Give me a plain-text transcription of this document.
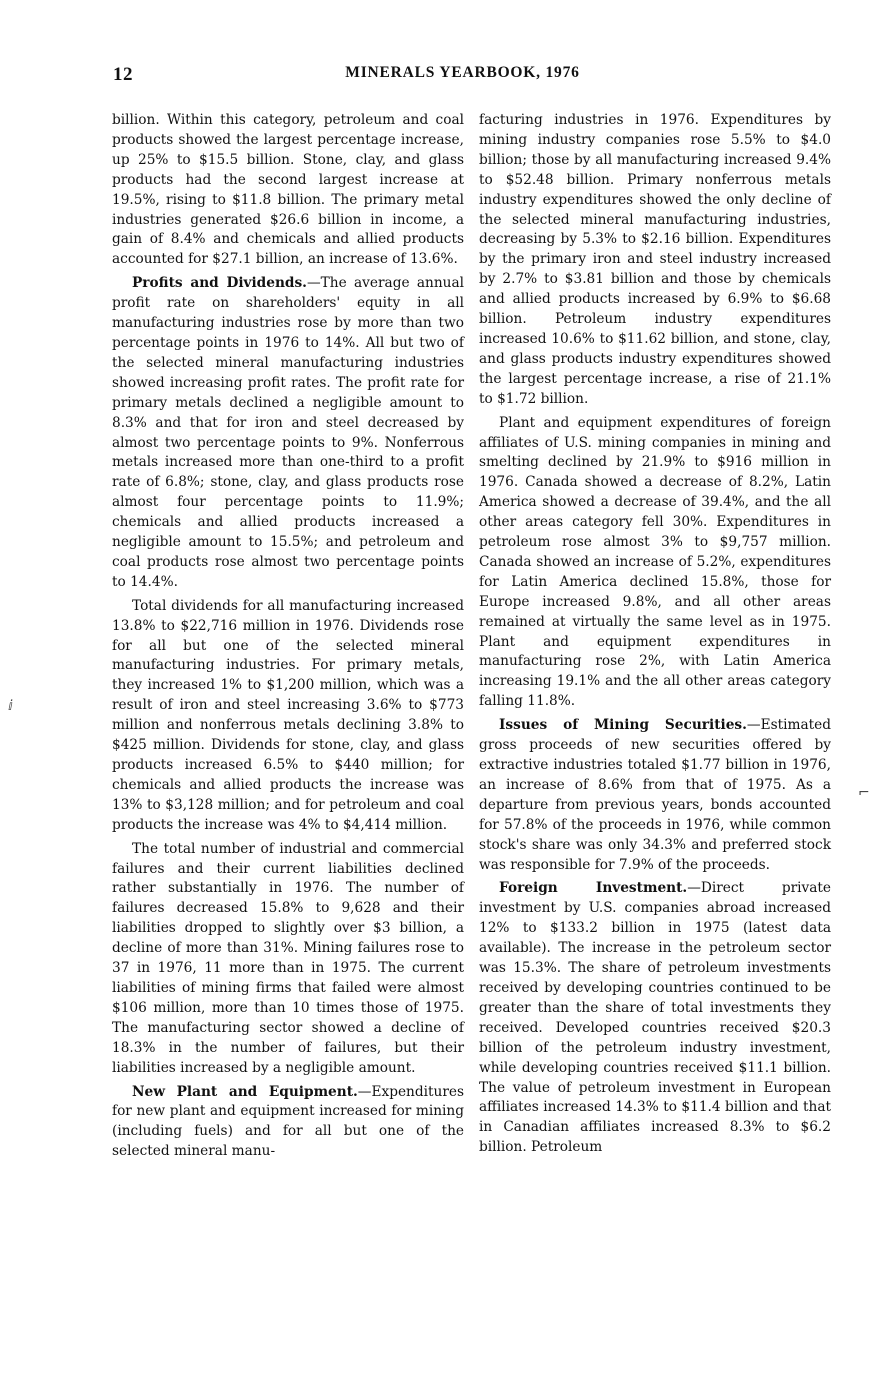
12	MINERALS YEARBOOK, 1976

billion. Within this category, petroleum and coal products showed the largest percentage increase, up 25% to $15.5 billion. Stone, clay, and glass products had the second largest increase at 19.5%, rising to $11.8 billion. The primary metal industries generated $26.6 billion in income, a gain of 8.4% and chemicals and allied products accounted for $27.1 billion, an increase of 13.6%.

Profits and Dividends.—The average annual profit rate on shareholders' equity in all manufacturing industries rose by more than two percentage points in 1976 to 14%. All but two of the selected mineral manufacturing industries showed increasing profit rates. The profit rate for primary metals declined a negligible amount to 8.3% and that for iron and steel decreased by almost two percentage points to 9%. Nonferrous metals increased more than one-third to a profit rate of 6.8%; stone, clay, and glass products rose almost four percentage points to 11.9%; chemicals and allied products increased a negligible amount to 15.5%; and petroleum and coal products rose almost two percentage points to 14.4%.

Total dividends for all manufacturing increased 13.8% to $22,716 million in 1976. Dividends rose for all but one of the selected mineral manufacturing industries. For primary metals, they increased 1% to $1,200 million, which was a result of iron and steel increasing 3.6% to $773 million and nonferrous metals declining 3.8% to $425 million. Dividends for stone, clay, and glass products increased 6.5% to $440 million; for chemicals and allied products the increase was 13% to $3,128 million; and for petroleum and coal products the increase was 4% to $4,414 million.

The total number of industrial and commercial failures and their current liabilities declined rather substantially in 1976. The number of failures decreased 15.8% to 9,628 and their liabilities dropped to slightly over $3 billion, a decline of more than 31%. Mining failures rose to 37 in 1976, 11 more than in 1975. The current liabilities of mining firms that failed were almost $106 million, more than 10 times those of 1975. The manufacturing sector showed a decline of 18.3% in the number of failures, but their liabilities increased by a negligible amount.

New Plant and Equipment.—Expenditures for new plant and equipment increased for mining (including fuels) and for all but one of the selected mineral manu-

facturing industries in 1976. Expenditures by mining industry companies rose 5.5% to $4.0 billion; those by all manufacturing increased 9.4% to $52.48 billion. Primary nonferrous metals industry expenditures showed the only decline of the selected mineral manufacturing industries, decreasing by 5.3% to $2.16 billion. Expenditures by the primary iron and steel industry increased by 2.7% to $3.81 billion and those by chemicals and allied products increased by 6.9% to $6.68 billion. Petroleum industry expenditures increased 10.6% to $11.62 billion, and stone, clay, and glass products industry expenditures showed the largest percentage increase, a rise of 21.1% to $1.72 billion.

Plant and equipment expenditures of foreign affiliates of U.S. mining companies in mining and smelting declined by 21.9% to $916 million in 1976. Canada showed a decrease of 8.2%, Latin America showed a decrease of 39.4%, and the all other areas category fell 30%. Expenditures in petroleum rose almost 3% to $9,757 million. Canada showed an increase of 5.2%, expenditures for Latin America declined 15.8%, those for Europe increased 9.8%, and all other areas remained at virtually the same level as in 1975. Plant and equipment expenditures in manufacturing rose 2%, with Latin America increasing 19.1% and the all other areas category falling 11.8%.

Issues of Mining Securities.—Estimated gross proceeds of new securities offered by extractive industries totaled $1.77 billion in 1976, an increase of 8.6% from that of 1975. As a departure from previous years, bonds accounted for 57.8% of the proceeds in 1976, while common stock's share was only 34.3% and preferred stock was responsible for 7.9% of the proceeds.

Foreign Investment.—Direct private investment by U.S. companies abroad increased 12% to $133.2 billion in 1975 (latest data available). The increase in the petroleum sector was 15.3%. The share of petroleum investments received by developing countries continued to be greater than the share of total investments they received. Developed countries received $20.3 billion of the petroleum industry investment, while developing countries received $11.1 billion. The value of petroleum investment in European affiliates increased 14.3% to $11.4 billion and that in Canadian affiliates increased 8.3% to $6.2 billion. Petroleum

ⅈ
⌐
